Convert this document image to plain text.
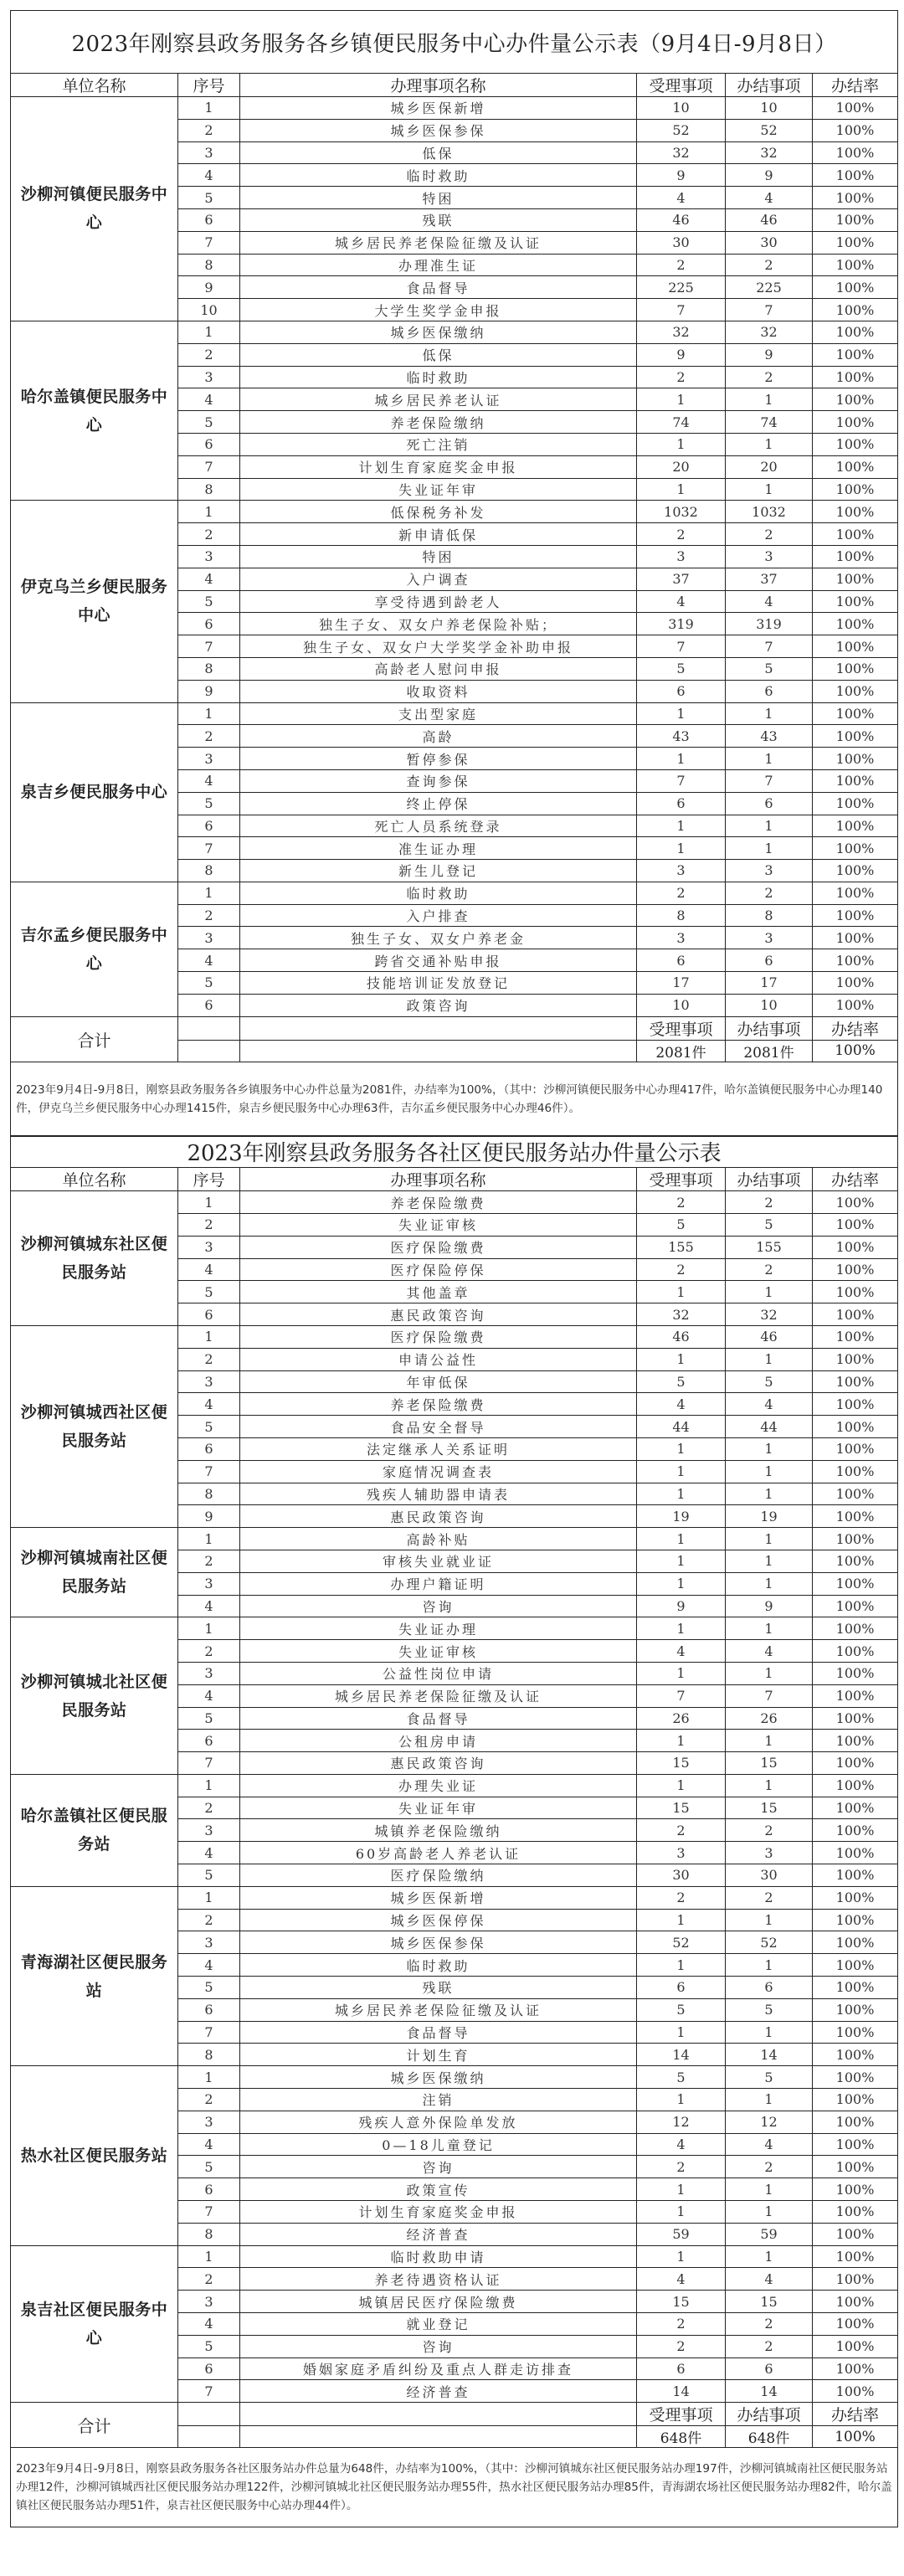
2023年刚察县政务服务各乡镇便民服务中心办件量公示表（9月4日-9月8日）					
单位名称	序号	办理事项名称	受理事项	办结事项	办结率
沙柳河镇便民服务中心	1	城乡医保新增	10	10	100%
	2	城乡医保参保	52	52	100%
	3	低保	32	32	100%
	4	临时救助	9	9	100%
	5	特困	4	4	100%
	6	残联	46	46	100%
	7	城乡居民养老保险征缴及认证	30	30	100%
	8	办理准生证	2	2	100%
	9	食品督导	225	225	100%
	10	大学生奖学金申报	7	7	100%
哈尔盖镇便民服务中心	1	城乡医保缴纳	32	32	100%
	2	低保	9	9	100%
	3	临时救助	2	2	100%
	4	城乡居民养老认证	1	1	100%
	5	养老保险缴纳	74	74	100%
	6	死亡注销	1	1	100%
	7	计划生育家庭奖金申报	20	20	100%
	8	失业证年审	1	1	100%
伊克乌兰乡便民服务中心	1	低保税务补发	1032	1032	100%
	2	新申请低保	2	2	100%
	3	特困	3	3	100%
	4	入户调查	37	37	100%
	5	享受待遇到龄老人	4	4	100%
	6	独生子女、双女户养老保险补贴；	319	319	100%
	7	独生子女、双女户大学奖学金补助申报	7	7	100%
	8	高龄老人慰问申报	5	5	100%
	9	收取资料	6	6	100%
泉吉乡便民服务中心	1	支出型家庭	1	1	100%
	2	高龄	43	43	100%
	3	暂停参保	1	1	100%
	4	查询参保	7	7	100%
	5	终止停保	6	6	100%
	6	死亡人员系统登录	1	1	100%
	7	准生证办理	1	1	100%
	8	新生儿登记	3	3	100%
吉尔孟乡便民服务中心	1	临时救助	2	2	100%
	2	入户排查	8	8	100%
	3	独生子女、双女户养老金	3	3	100%
	4	跨省交通补贴申报	6	6	100%
	5	技能培训证发放登记	17	17	100%
	6	政策咨询	10	10	100%
合计			受理事项	办结事项	办结率
			2081件	2081件	100%
2023年9月4日-9月8日，刚察县政务服务各乡镇服务中心办件总量为2081件，办结率为100%，（其中：沙柳河镇便民服务中心办理417件，哈尔盖镇便民服务中心办理140件，伊克乌兰乡便民服务中心办理1415件，泉吉乡便民服务中心办理63件，吉尔孟乡便民服务中心办理46件）。					
2023年刚察县政务服务各社区便民服务站办件量公示表					
单位名称	序号	办理事项名称	受理事项	办结事项	办结率
沙柳河镇城东社区便民服务站	1	养老保险缴费	2	2	100%
	2	失业证审核	5	5	100%
	3	医疗保险缴费	155	155	100%
	4	医疗保险停保	2	2	100%
	5	其他盖章	1	1	100%
	6	惠民政策咨询	32	32	100%
沙柳河镇城西社区便民服务站	1	医疗保险缴费	46	46	100%
	2	申请公益性	1	1	100%
	3	年审低保	5	5	100%
	4	养老保险缴费	4	4	100%
	5	食品安全督导	44	44	100%
	6	法定继承人关系证明	1	1	100%
	7	家庭情况调查表	1	1	100%
	8	残疾人辅助器申请表	1	1	100%
	9	惠民政策咨询	19	19	100%
沙柳河镇城南社区便民服务站	1	高龄补贴	1	1	100%
	2	审核失业就业证	1	1	100%
	3	办理户籍证明	1	1	100%
	4	咨询	9	9	100%
沙柳河镇城北社区便民服务站	1	失业证办理	1	1	100%
	2	失业证审核	4	4	100%
	3	公益性岗位申请	1	1	100%
	4	城乡居民养老保险征缴及认证	7	7	100%
	5	食品督导	26	26	100%
	6	公租房申请	1	1	100%
	7	惠民政策咨询	15	15	100%
哈尔盖镇社区便民服务站	1	办理失业证	1	1	100%
	2	失业证年审	15	15	100%
	3	城镇养老保险缴纳	2	2	100%
	4	60岁高龄老人养老认证	3	3	100%
	5	医疗保险缴纳	30	30	100%
青海湖社区便民服务站	1	城乡医保新增	2	2	100%
	2	城乡医保停保	1	1	100%
	3	城乡医保参保	52	52	100%
	4	临时救助	1	1	100%
	5	残联	6	6	100%
	6	城乡居民养老保险征缴及认证	5	5	100%
	7	食品督导	1	1	100%
	8	计划生育	14	14	100%
热水社区便民服务站	1	城乡医保缴纳	5	5	100%
	2	注销	1	1	100%
	3	残疾人意外保险单发放	12	12	100%
	4	0—18儿童登记	4	4	100%
	5	咨询	2	2	100%
	6	政策宣传	1	1	100%
	7	计划生育家庭奖金申报	1	1	100%
	8	经济普查	59	59	100%
泉吉社区便民服务中心	1	临时救助申请	1	1	100%
	2	养老待遇资格认证	4	4	100%
	3	城镇居民医疗保险缴费	15	15	100%
	4	就业登记	2	2	100%
	5	咨询	2	2	100%
	6	婚姻家庭矛盾纠纷及重点人群走访排查	6	6	100%
	7	经济普查	14	14	100%
合计			受理事项	办结事项	办结率
			648件	648件	100%
2023年9月4日-9月8日，刚察县政务服务各社区服务站办件总量为648件，办结率为100%，（其中：沙柳河镇城东社区便民服务站办理197件，沙柳河镇城南社区便民服务站办理12件，沙柳河镇城西社区便民服务站办理122件，沙柳河镇城北社区便民服务站办理55件，热水社区便民服务站办理85件，青海湖农场社区便民服务站办理82件，哈尔盖镇社区便民服务站办理51件，泉吉社区便民服务中心站办理44件）。					
